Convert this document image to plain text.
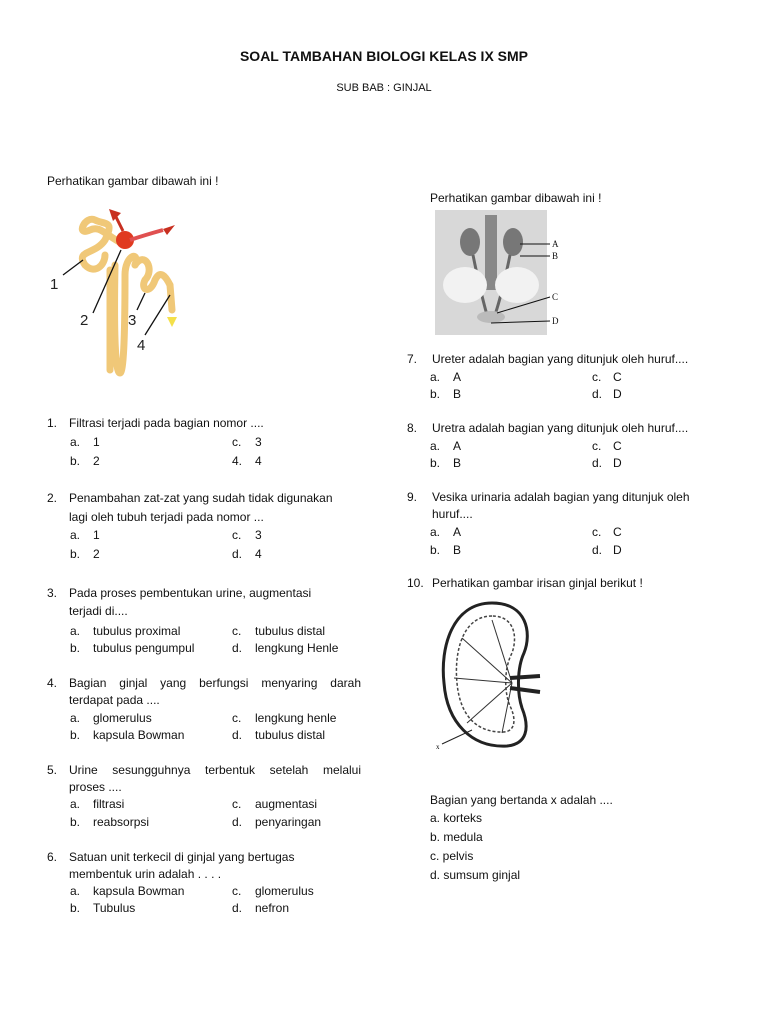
SOAL TAMBAHAN BIOLOGI KELAS IX SMP
SUB BAB : GINJAL
Perhatikan gambar dibawah ini !
1
2	3
4
1. Filtrasi terjadi pada bagian nomor ....
a. 1	c. 3
b. 2	4. 4
2. Penambahan zat-zat yang sudah tidak digunakan
lagi oleh tubuh terjadi pada nomor ...
a. 1	c. 3
b. 2	d. 4
3. Pada proses pembentukan urine, augmentasi
terjadi di....
a. tubulus proximal	c. tubulus distal
b. tubulus pengumpul	d. lengkung Henle
4. Bagian ginjal yang berfungsi menyaring darah
terdapat pada ....
a. glomerulus	c. lengkung henle
b. kapsula Bowman	d. tubulus distal
5. Urine sesungguhnya terbentuk setelah melalui
proses ....
a. filtrasi	c. augmentasi
b. reabsorpsi	d. penyaringan
6. Satuan unit terkecil di ginjal yang bertugas
membentuk urin adalah . . . .
a. kapsula Bowman	c. glomerulus
b. Tubulus	d. nefron
Perhatikan gambar dibawah ini !
A
B
C
D
7. Ureter adalah bagian yang ditunjuk oleh huruf....
a. A	c. C
b. B	d. D
8. Uretra adalah bagian yang ditunjuk oleh huruf....
a. A	c. C
b. B	d. D
9. Vesika urinaria adalah bagian yang ditunjuk oleh
huruf....
a. A	c. C
b. B	d. D
10. Perhatikan gambar irisan ginjal berikut !
x
Bagian yang bertanda x adalah ....
a. korteks
b. medula
c. pelvis
d. sumsum ginjal
